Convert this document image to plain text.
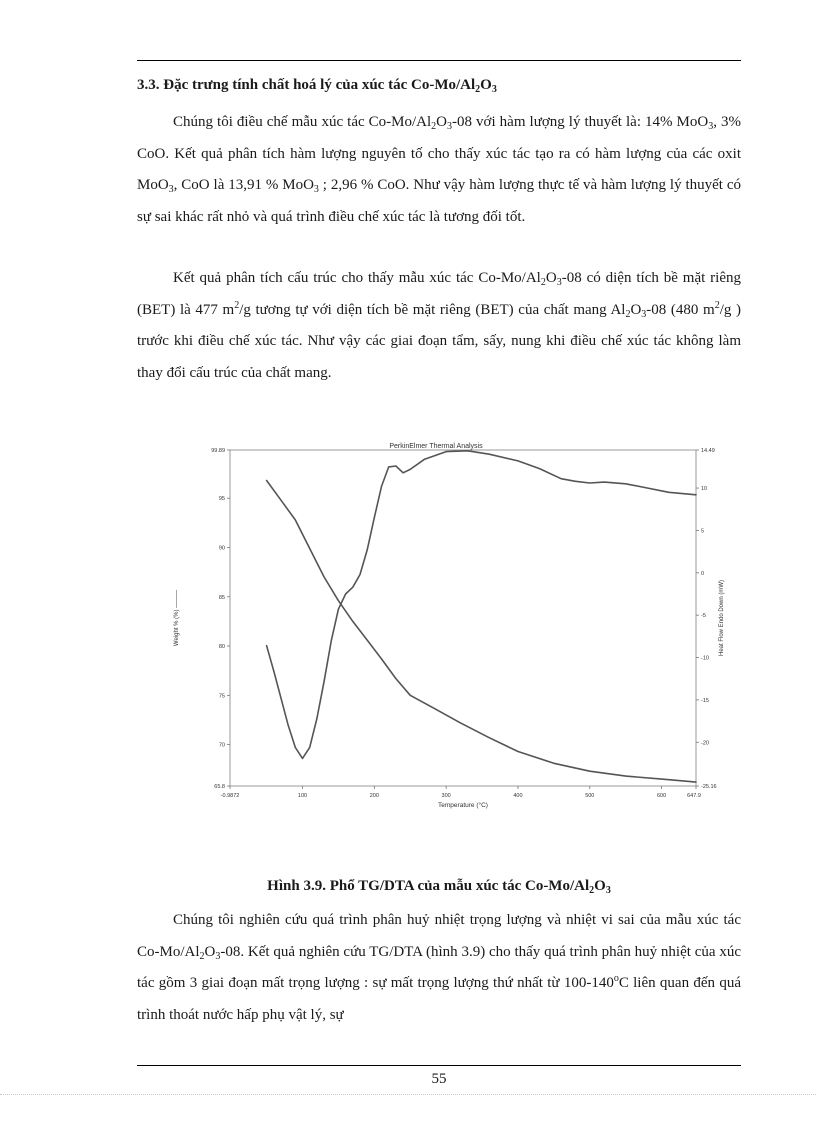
3.3. Đặc trưng tính chất hoá lý của xúc tác $Co-Mo/Al_2O_3$

Chúng tôi điều chế mẫu xúc tác $Co-Mo/Al_2O_3-08$ với hàm lượng lý thuyết là: 14% MoO$_3$, 3% CoO. Kết quả phân tích hàm lượng nguyên tố cho thấy xúc tác tạo ra có hàm lượng của các oxit MoO$_3$, CoO là 13,91 % MoO$_3$ ; 2,96 % CoO. Như vậy hàm lượng thực tế và hàm lượng lý thuyết có sự sai khác rất nhỏ và quá trình điều chế xúc tác là tương đối tốt.

Kết quả phân tích cấu trúc cho thấy mẫu xúc tác $Co-Mo/Al_2O_3-08$ có diện tích bề mặt riêng (BET) là 477 $m^2/g$ tương tự với diện tích bề mặt riêng (BET) của chất mang $Al_2O_3-08$ (480 $m^2/g$ ) trước khi điều chế xúc tác. Như vậy các giai đoạn tẩm, sấy, nung khi điều chế xúc tác không làm thay đổi cấu trúc của chất mang.

PerkinElmer Thermal Analysis
Temperature (°C)
Weight % (%) ———	Heat Flow Endo Down (mW)
-0.9872	100	200	300	400	500	600	647.9
99.89
95
90
85
80
75
70
65.8
14.49
10
5
0
-5
-10
-15
-20
-25.16
Hình 3.9. Phổ TG/DTA của mẫu xúc tác $Co-Mo/Al_2O_3$

Chúng tôi nghiên cứu quá trình phân huỷ nhiệt trọng lượng và nhiệt vi sai của mẫu xúc tác $Co-Mo/Al_2O_3-08$. Kết quả nghiên cứu TG/DTA (hình 3.9) cho thấy quá trình phân huỷ nhiệt của xúc tác gồm 3 giai đoạn mất trọng lượng : sự mất trọng lượng thứ nhất từ 100-140$^o$C liên quan đến quá trình thoát nước hấp phụ vật lý, sự

55
